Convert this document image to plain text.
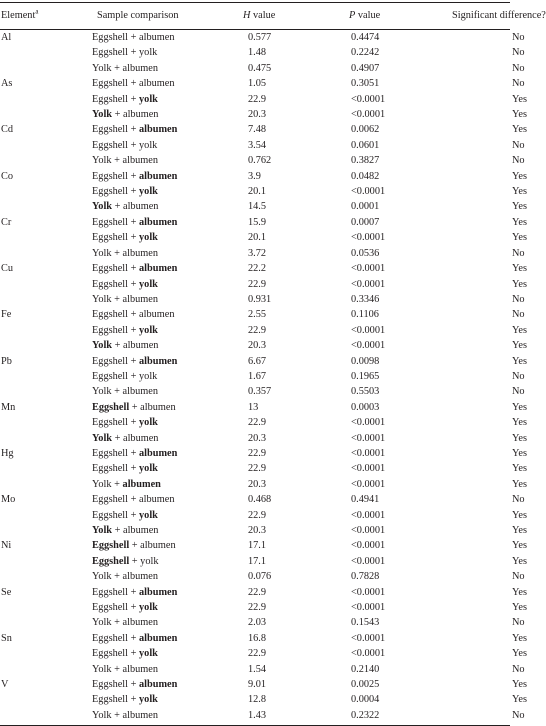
Element$^a$	Sample comparison	H value	P value	Significant difference?
Al	Eggshell + albumen	0.577	0.4474	No
	Eggshell + yolk	1.48	0.2242	No
	Yolk + albumen	0.475	0.4907	No
As	Eggshell + albumen	1.05	0.3051	No
	Eggshell + yolk	22.9	<0.0001	Yes
	Yolk + albumen	20.3	<0.0001	Yes
Cd	Eggshell + albumen	7.48	0.0062	Yes
	Eggshell + yolk	3.54	0.0601	No
	Yolk + albumen	0.762	0.3827	No
Co	Eggshell + albumen	3.9	0.0482	Yes
	Eggshell + yolk	20.1	<0.0001	Yes
	Yolk + albumen	14.5	0.0001	Yes
Cr	Eggshell + albumen	15.9	0.0007	Yes
	Eggshell + yolk	20.1	<0.0001	Yes
	Yolk + albumen	3.72	0.0536	No
Cu	Eggshell + albumen	22.2	<0.0001	Yes
	Eggshell + yolk	22.9	<0.0001	Yes
	Yolk + albumen	0.931	0.3346	No
Fe	Eggshell + albumen	2.55	0.1106	No
	Eggshell + yolk	22.9	<0.0001	Yes
	Yolk + albumen	20.3	<0.0001	Yes
Pb	Eggshell + albumen	6.67	0.0098	Yes
	Eggshell + yolk	1.67	0.1965	No
	Yolk + albumen	0.357	0.5503	No
Mn	Eggshell + albumen	13	0.0003	Yes
	Eggshell + yolk	22.9	<0.0001	Yes
	Yolk + albumen	20.3	<0.0001	Yes
Hg	Eggshell + albumen	22.9	<0.0001	Yes
	Eggshell + yolk	22.9	<0.0001	Yes
	Yolk + albumen	20.3	<0.0001	Yes
Mo	Eggshell + albumen	0.468	0.4941	No
	Eggshell + yolk	22.9	<0.0001	Yes
	Yolk + albumen	20.3	<0.0001	Yes
Ni	Eggshell + albumen	17.1	<0.0001	Yes
	Eggshell + yolk	17.1	<0.0001	Yes
	Yolk + albumen	0.076	0.7828	No
Se	Eggshell + albumen	22.9	<0.0001	Yes
	Eggshell + yolk	22.9	<0.0001	Yes
	Yolk + albumen	2.03	0.1543	No
Sn	Eggshell + albumen	16.8	<0.0001	Yes
	Eggshell + yolk	22.9	<0.0001	Yes
	Yolk + albumen	1.54	0.2140	No
V	Eggshell + albumen	9.01	0.0025	Yes
	Eggshell + yolk	12.8	0.0004	Yes
	Yolk + albumen	1.43	0.2322	No
